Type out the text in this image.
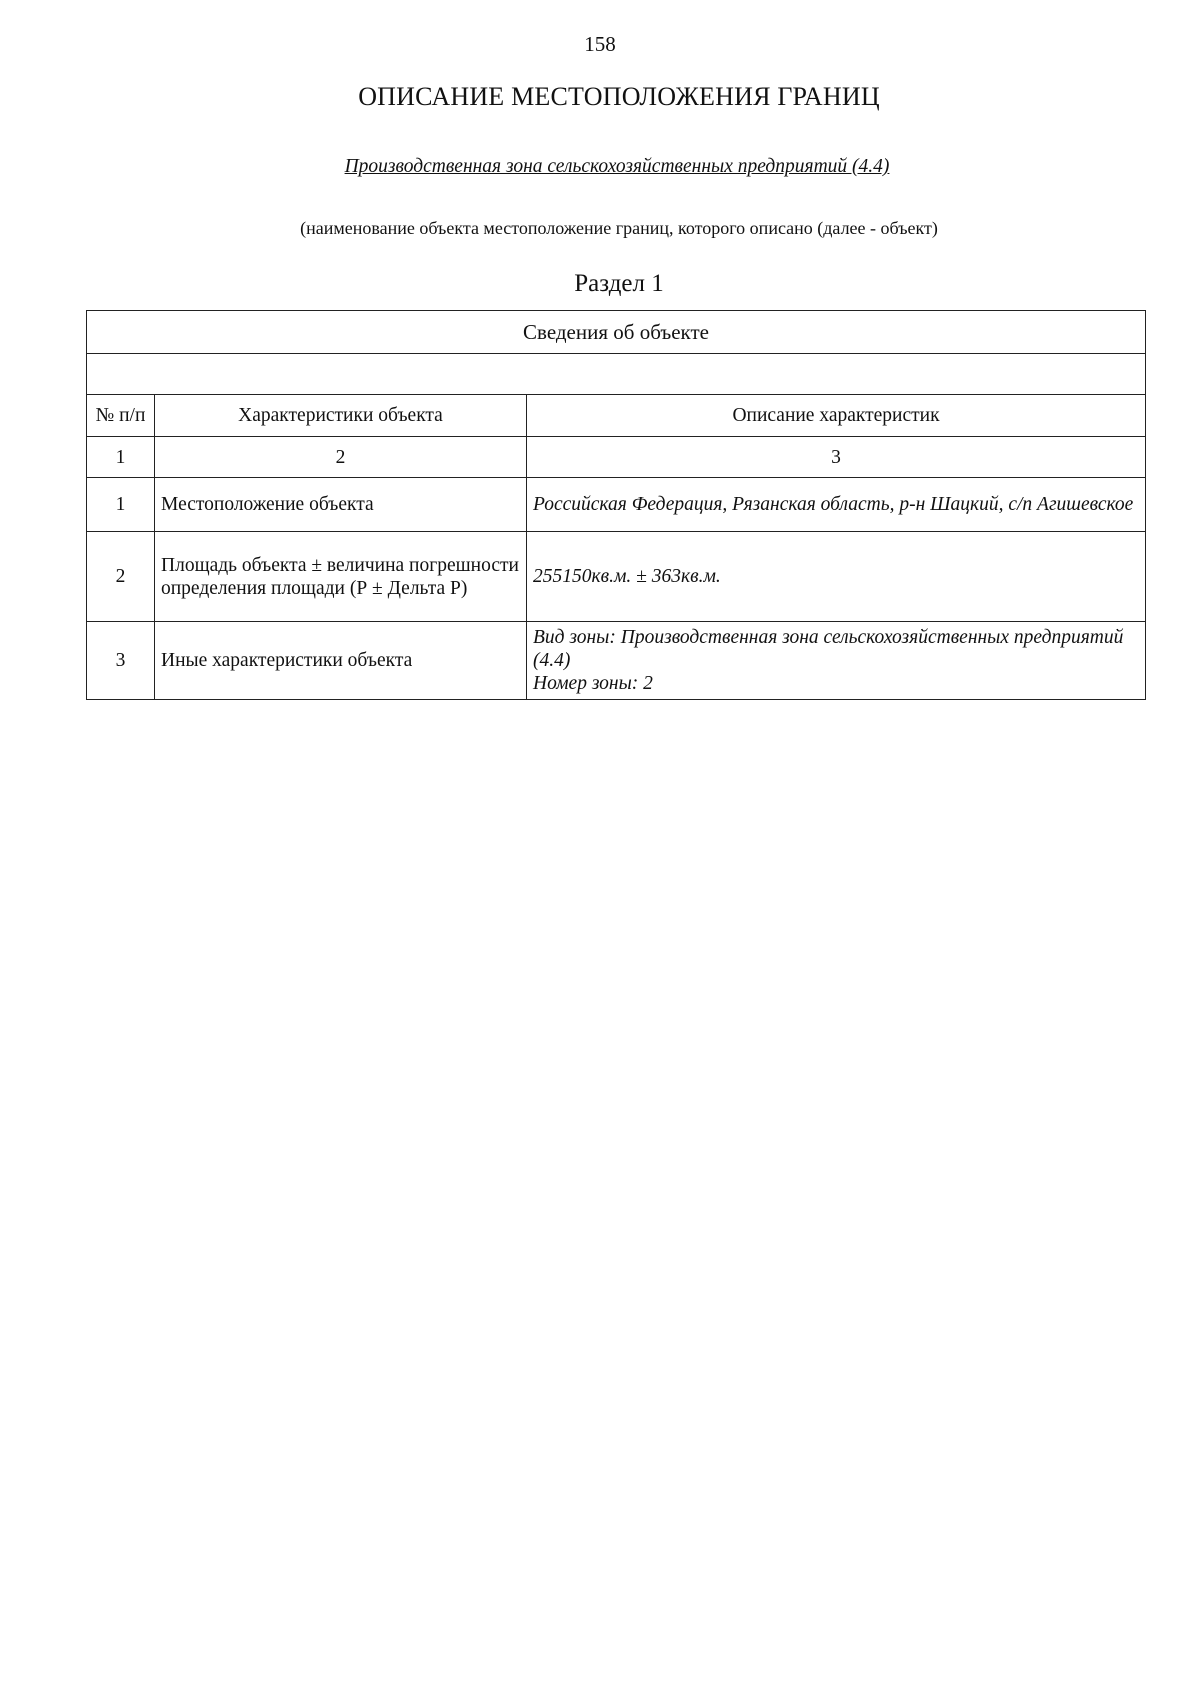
158
ОПИСАНИЕ МЕСТОПОЛОЖЕНИЯ ГРАНИЦ
Производственная зона сельскохозяйственных предприятий (4.4)
(наименование объекта местоположение границ, которого описано (далее - объект)
Раздел 1
Сведения об объекте		

№ п/п	Характеристики объекта	Описание характеристик
1	2	3
1	Местоположение объекта	Российская Федерация, Рязанская область, р-н Шацкий, с/п Агишевское

2	Площадь объекта ± величина погрешности определения площади (Р ± Дельта Р)	255150кв.м. ± 363кв.м.

3	Иные характеристики объекта	Вид зоны: Производственная зона сельскохозяйственных предприятий (4.4)
Номер зоны: 2
